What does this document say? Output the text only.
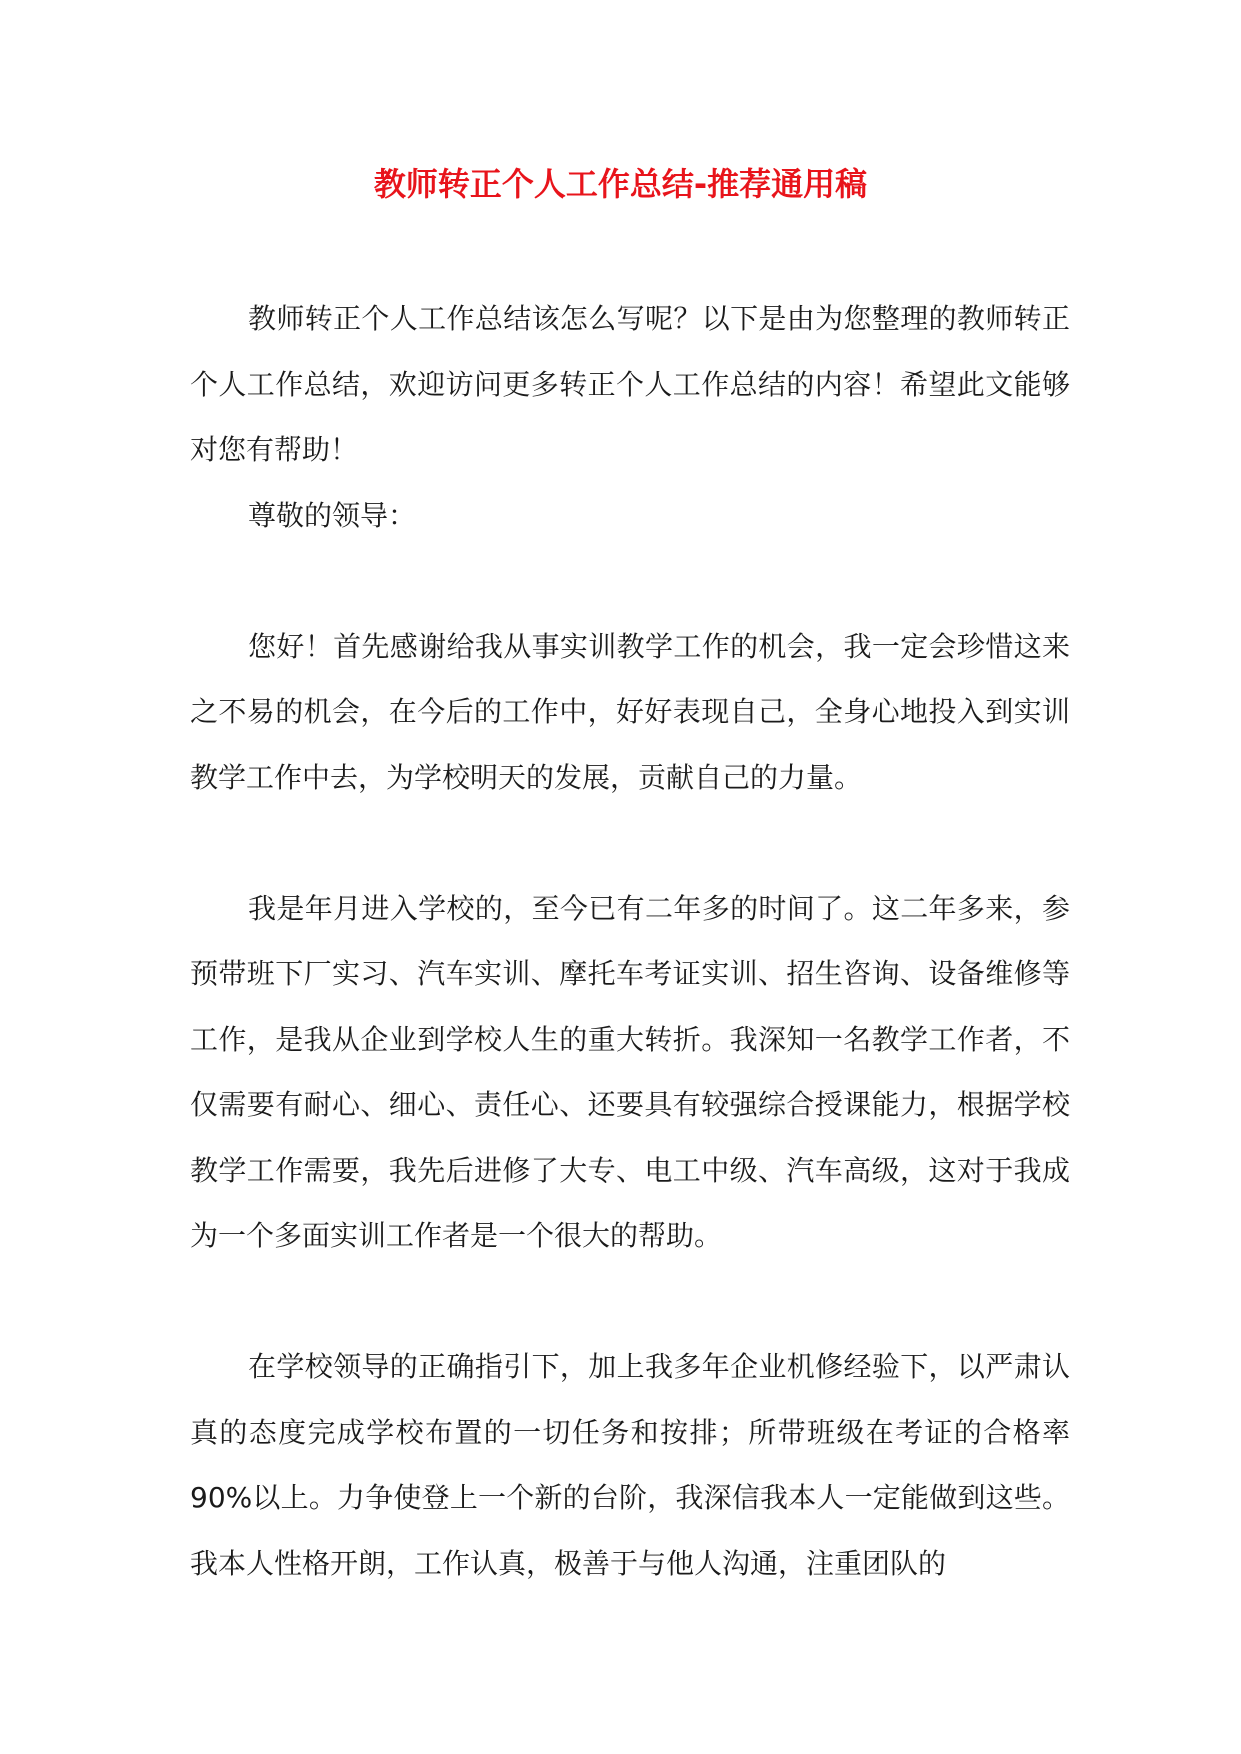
教师转正个人工作总结-推荐通用稿

教师转正个人工作总结该怎么写呢？以下是由为您整理的教师转正个人工作总结，欢迎访问更多转正个人工作总结的内容！希望此文能够对您有帮助！

尊敬的领导：

您好！首先感谢给我从事实训教学工作的机会，我一定会珍惜这来之不易的机会，在今后的工作中，好好表现自己，全身心地投入到实训教学工作中去，为学校明天的发展，贡献自己的力量。

我是年月进入学校的，至今已有二年多的时间了。这二年多来，参预带班下厂实习、汽车实训、摩托车考证实训、招生咨询、设备维修等工作，是我从企业到学校人生的重大转折。我深知一名教学工作者，不仅需要有耐心、细心、责任心、还要具有较强综合授课能力，根据学校教学工作需要，我先后进修了大专、电工中级、汽车高级，这对于我成为一个多面实训工作者是一个很大的帮助。

在学校领导的正确指引下，加上我多年企业机修经验下，以严肃认真的态度完成学校布置的一切任务和按排；所带班级在考证的合格率 90%以上。力争使登上一个新的台阶，我深信我本人一定能做到这些。我本人性格开朗，工作认真，极善于与他人沟通，注重团队的
